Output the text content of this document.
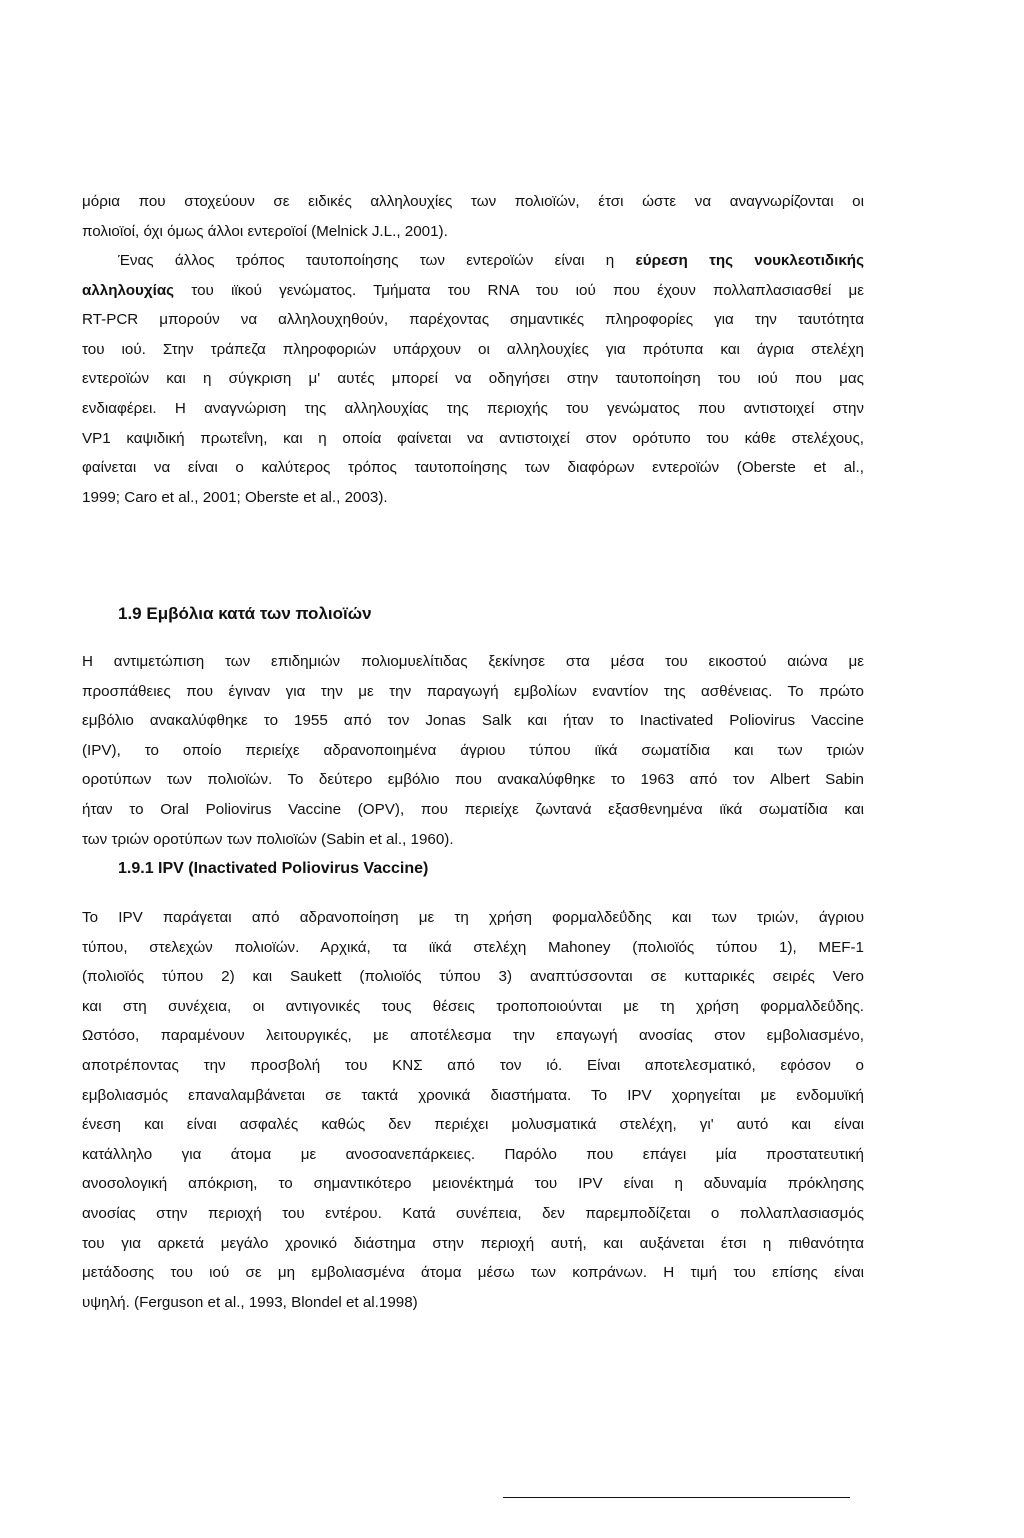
μόρια που στοχεύουν σε ειδικές αλληλουχίες των πολιοϊών, έτσι ώστε να αναγνωρίζονται οι
πολιοϊοί, όχι όμως άλλοι εντεροϊοί (Melnick J.L., 2001).
Ένας άλλος τρόπος ταυτοποίησης των εντεροϊών είναι η εύρεση της νουκλεοτιδικής
αλληλουχίας του ιϊκού γενώματος. Τμήματα του RNA του ιού που έχουν πολλαπλασιασθεί με
RT-PCR μπορούν να αλληλουχηθούν, παρέχοντας σημαντικές πληροφορίες για την ταυτότητα
του ιού. Στην τράπεζα πληροφοριών υπάρχουν οι αλληλουχίες για πρότυπα και άγρια στελέχη
εντεροϊών και η σύγκριση μ' αυτές μπορεί να οδηγήσει στην ταυτοποίηση του ιού που μας
ενδιαφέρει. Η αναγνώριση της αλληλουχίας της περιοχής του γενώματος που αντιστοιχεί στην
VP1 καψιδική πρωτεΐνη, και η οποία φαίνεται να αντιστοιχεί στον ορότυπο του κάθε στελέχους,
φαίνεται να είναι ο καλύτερος τρόπος ταυτοποίησης των διαφόρων εντεροϊών (Oberste et al.,
1999; Caro et al., 2001; Oberste et al., 2003).
1.9 Εμβόλια κατά των πολιοϊών
Η αντιμετώπιση των επιδημιών πολιομυελίτιδας ξεκίνησε στα μέσα του εικοστού αιώνα με
προσπάθειες που έγιναν για την με την παραγωγή εμβολίων εναντίον της ασθένειας. Το πρώτο
εμβόλιο ανακαλύφθηκε το 1955 από τον Jonas Salk και ήταν το Inactivated Poliovirus Vaccine
(IPV), το οποίο περιείχε αδρανοποιημένα άγριου τύπου ιϊκά σωματίδια και των τριών
οροτύπων των πολιοϊών. Το δεύτερο εμβόλιο που ανακαλύφθηκε το 1963 από τον Albert Sabin
ήταν το Oral Poliovirus Vaccine (OPV), που περιείχε ζωντανά εξασθενημένα ιϊκά σωματίδια και
των τριών οροτύπων των πολιοϊών (Sabin et al., 1960).
1.9.1 IPV (Inactivated Poliovirus Vaccine)
Το IPV παράγεται από αδρανοποίηση με τη χρήση φορμαλδεΰδης και των τριών, άγριου
τύπου, στελεχών πολιοϊών. Αρχικά, τα ιϊκά στελέχη Mahoney (πολιοϊός τύπου 1), MEF-1
(πολιοϊός τύπου 2) και Saukett (πολιοϊός τύπου 3) αναπτύσσονται σε κυτταρικές σειρές Vero
και στη συνέχεια, οι αντιγονικές τους θέσεις τροποποιούνται με τη χρήση φορμαλδεΰδης.
Ωστόσο, παραμένουν λειτουργικές, με αποτέλεσμα την επαγωγή ανοσίας στον εμβολιασμένο,
αποτρέποντας την προσβολή του ΚΝΣ από τον ιό. Είναι αποτελεσματικό, εφόσον ο
εμβολιασμός επαναλαμβάνεται σε τακτά χρονικά διαστήματα. Το IPV χορηγείται με ενδομυϊκή
ένεση και είναι ασφαλές καθώς δεν περιέχει μολυσματικά στελέχη, γι' αυτό και είναι
κατάλληλο για άτομα με ανοσοανεπάρκειες. Παρόλο που επάγει μία προστατευτική
ανοσολογική απόκριση, το σημαντικότερο μειονέκτημά του IPV είναι η αδυναμία πρόκλησης
ανοσίας στην περιοχή του εντέρου. Κατά συνέπεια, δεν παρεμποδίζεται ο πολλαπλασιασμός
του για αρκετά μεγάλο χρονικό διάστημα στην περιοχή αυτή, και αυξάνεται έτσι η πιθανότητα
μετάδοσης του ιού σε μη εμβολιασμένα άτομα μέσω των κοπράνων. Η τιμή του επίσης είναι
υψηλή. (Ferguson et al., 1993, Blondel et al.1998)
